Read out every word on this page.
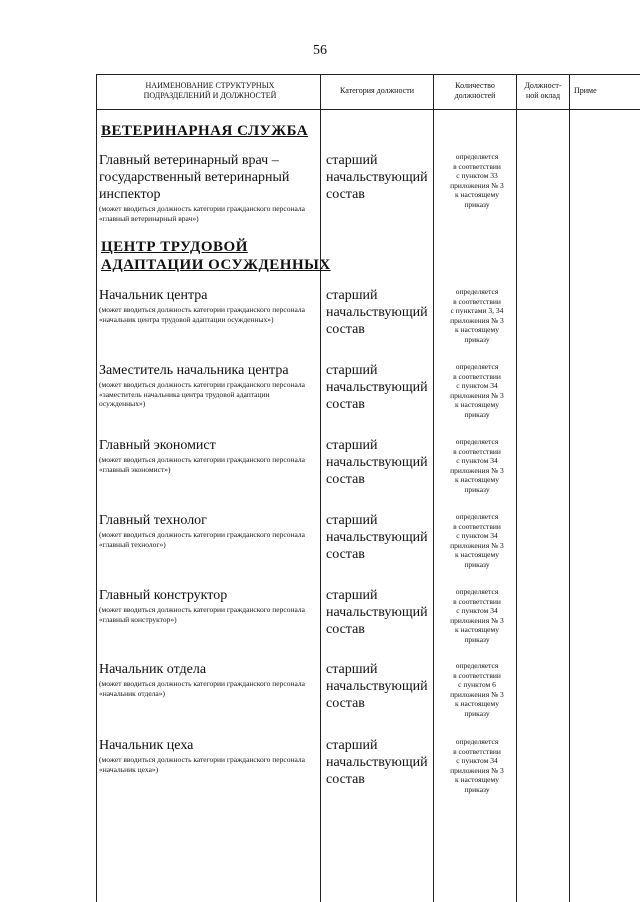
56
НАИМЕНОВАНИЕ СТРУКТУРНЫХ ПОДРАЗДЕЛЕНИЙ И ДОЛЖНОСТЕЙ
Категория должности
Количество должностей
Должност-ной оклад
Приме
ВЕТЕРИНАРНАЯ СЛУЖБА
ЦЕНТР ТРУДОВОЙ
АДАПТАЦИИ ОСУЖДЕННЫХ
Главный ветеринарный врач –
государственный ветеринарный
инспектор
(может вводиться должность категории гражданского персонала «главный ветеринарный врач»)
старший
начальствующий
состав
определяется
в соответствии
с пунктом 33
приложения № 3
к настоящему
приказу
Начальник центра
(может вводиться должность категории гражданского персонала «начальник центра трудовой адаптации осужденных»)
старший
начальствующий
состав
определяется
в соответствии
с пунктами 3, 34
приложения № 3
к настоящему
приказу
Заместитель начальника центра
(может вводиться должность категории гражданского персонала «заместитель начальника центра трудовой адаптации осужденных»)
старший
начальствующий
состав
определяется
в соответствии
с пунктом 34
приложения № 3
к настоящему
приказу
Главный экономист
(может вводиться должность категории гражданского персонала «главный экономист»)
старший
начальствующий
состав
определяется
в соответствии
с пунктом 34
приложения № 3
к настоящему
приказу
Главный технолог
(может вводиться должность категории гражданского персонала «главный технолог»)
старший
начальствующий
состав
определяется
в соответствии
с пунктом 34
приложения № 3
к настоящему
приказу
Главный конструктор
(может вводиться должность категории гражданского персонала «главный конструктор»)
старший
начальствующий
состав
определяется
в соответствии
с пунктом 34
приложения № 3
к настоящему
приказу
Начальник отдела
(может вводиться должность категории гражданского персонала «начальник отдела»)
старший
начальствующий
состав
определяется
в соответствии
с пунктом 6
приложения № 3
к настоящему
приказу
Начальник цеха
(может вводиться должность категории гражданского персонала «начальник цеха»)
старший
начальствующий
состав
определяется
в соответствии
с пунктом 34
приложения № 3
к настоящему
приказу
